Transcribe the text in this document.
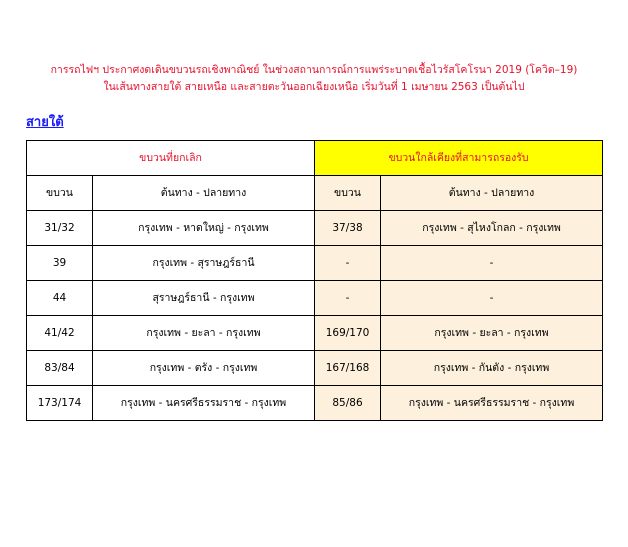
การรถไฟฯ ประกาศงดเดินขบวนรถเชิงพาณิชย์ ในช่วงสถานการณ์การแพร่ระบาดเชื้อไวรัสโคโรนา 2019 (โควิด–19)
ในเส้นทางสายใต้ สายเหนือ และสายตะวันออกเฉียงเหนือ เริ่มวันที่ 1 เมษายน 2563 เป็นต้นไป
สายใต้
ขบวนที่ยกเลิก		ขบวนใกล้เคียงที่สามารถรองรับ	
ขบวน	ต้นทาง - ปลายทาง	ขบวน	ต้นทาง - ปลายทาง
31/32	กรุงเทพ - หาดใหญ่ - กรุงเทพ	37/38	กรุงเทพ - สุไหงโกลก - กรุงเทพ
39	กรุงเทพ - สุราษฎร์ธานี	-	-
44	สุราษฎร์ธานี - กรุงเทพ	-	-
41/42	กรุงเทพ - ยะลา - กรุงเทพ	169/170	กรุงเทพ - ยะลา - กรุงเทพ
83/84	กรุงเทพ - ตรัง - กรุงเทพ	167/168	กรุงเทพ - กันตัง - กรุงเทพ
173/174	กรุงเทพ - นครศรีธรรมราช - กรุงเทพ	85/86	กรุงเทพ - นครศรีธรรมราช - กรุงเทพ
